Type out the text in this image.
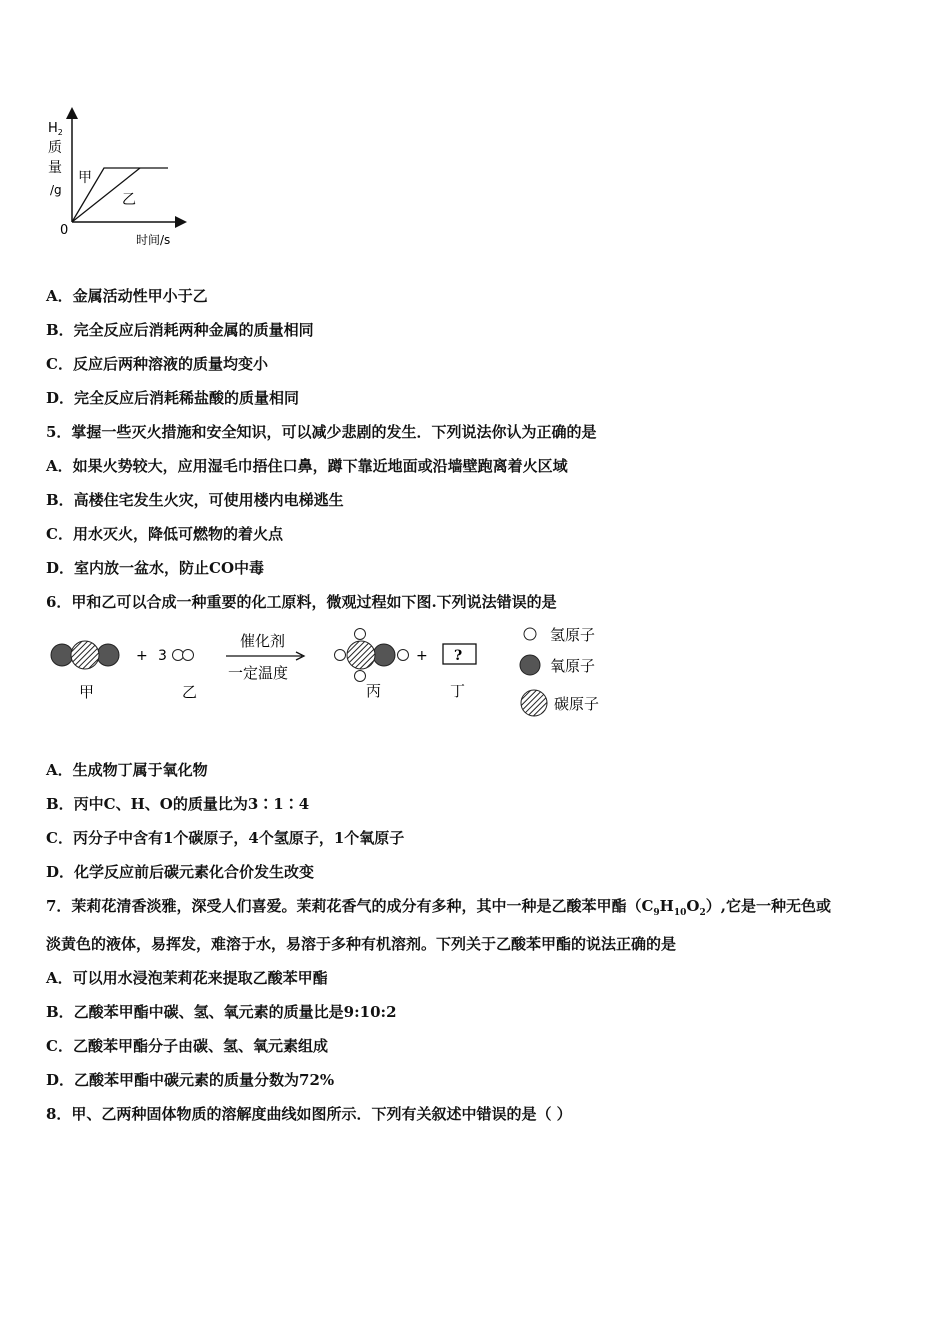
$H_2$
质
量
/g
0
时间/s
甲
乙
A．金属活动性甲小于乙
B．完全反应后消耗两种金属的质量相同
C．反应后两种溶液的质量均变小
D．完全反应后消耗稀盐酸的质量相同
5．掌握一些灭火措施和安全知识，可以减少悲剧的发生．下列说法你认为正确的是
A．如果火势较大，应用湿毛巾捂住口鼻，蹲下靠近地面或沿墙壁跑离着火区域
B．高楼住宅发生火灾，可使用楼内电梯逃生
C．用水灭火，降低可燃物的着火点
D．室内放一盆水，防止CO中毒
6．甲和乙可以合成一种重要的化工原料，微观过程如下图.下列说法错误的是
甲
+ 3
乙
催化剂
一定温度
丙
+ ?
丁
氢原子
氧原子
碳原子
A．生成物丁属于氧化物
B．丙中C、H、O的质量比为3∶1∶4
C．丙分子中含有1个碳原子，4个氢原子，1个氧原子
D．化学反应前后碳元素化合价发生改变
7．茉莉花清香淡雅，深受人们喜爱。茉莉花香气的成分有多种，其中一种是乙酸苯甲酯$(C_9H_{10}O_2)$,它是一种无色或
淡黄色的液体，易挥发，难溶于水，易溶于多种有机溶剂。下列关于乙酸苯甲酯的说法正确的是
A．可以用水浸泡茉莉花来提取乙酸苯甲酯
B．乙酸苯甲酯中碳、氢、氧元素的质量比是9:10:2
C．乙酸苯甲酯分子由碳、氢、氧元素组成
D．乙酸苯甲酯中碳元素的质量分数为72%
8．甲、乙两种固体物质的溶解度曲线如图所示．下列有关叙述中错误的是（ ）
